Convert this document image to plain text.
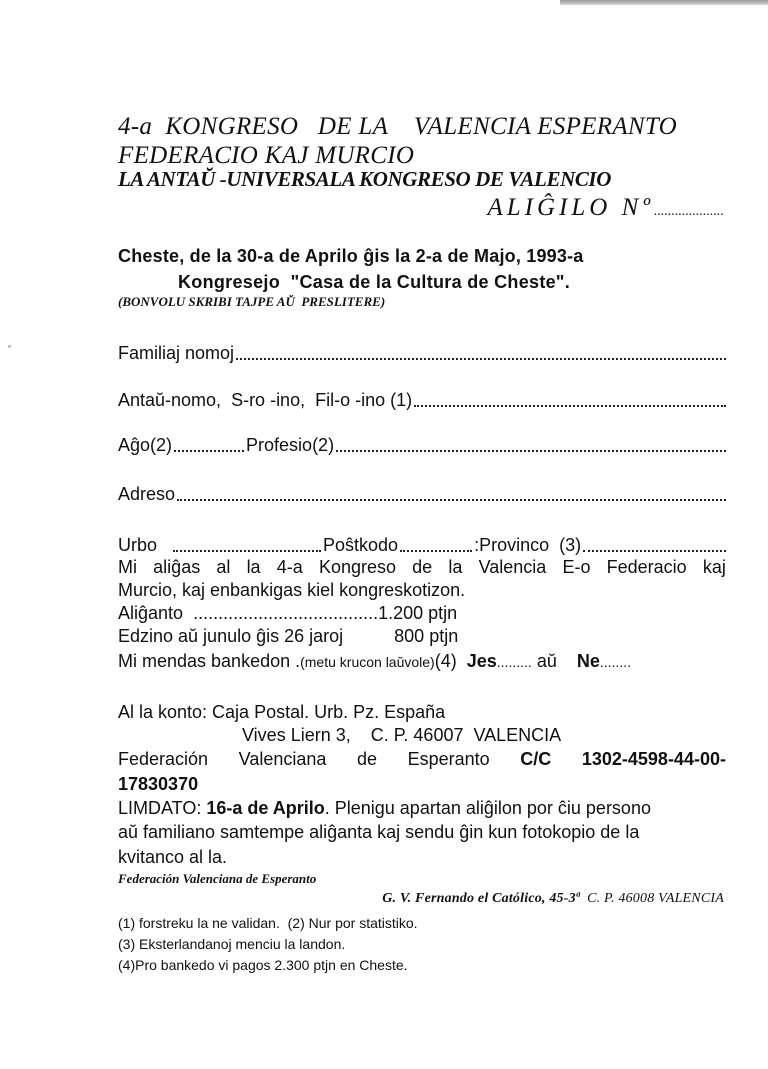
4-a  KONGRESO   DE LA    VALENCIA ESPERANTO
FEDERACIO KAJ MURCIO
LA ANTAŬ -UNIVERSALA KONGRESO DE VALENCIO
ALIĜILO Nº....................
Cheste, de la 30-a de Aprilo ĝis la 2-a de Majo, 1993-a
Kongresejo  "Casa de la Cultura de Cheste".
(BONVOLU SKRIBI TAJPE AŬ  PRESLITERE)
Familiaj nomoj
Antaŭ-nomo,  S-ro -ino,  Fil-o -ino (1)
Aĝo(2)	Profesio(2)
Adreso
Urbo	Poŝtkodo	:Provinco  (3)
Mi aliĝas al la 4-a Kongreso de la Valencia E-o Federacio kaj
Murcio, kaj enbankigas kiel kongreskotizon.
Aliĝanto .....................................1.200 ptjn
Edzino aŭ junulo ĝis 26 jaroj	800 ptjn
Mi mendas bankedon .(metu krucon laŭvole)(4) Jes......... aŭ    Ne........
Al la konto: Caja Postal. Urb. Pz. España
Vives Liern 3,    C. P. 46007  VALENCIA
Federación Valenciana de Esperanto C/C 1302-4598-44-00-
17830370
LIMDATO: 16-a de Aprilo. Plenigu apartan aliĝilon por ĉiu persono
aŭ familiano samtempe aliĝanta kaj sendu ĝin kun fotokopio de la
kvitanco al la.
Federación Valenciana de Esperanto
G. V. Fernando el Católico, 45-3ª  C. P. 46008 VALENCIA
(1) forstreku la ne validan.  (2) Nur por statistiko.
(3) Eksterlandanoj menciu la landon.
(4)Pro bankedo vi pagos 2.300 ptjn en Cheste.
